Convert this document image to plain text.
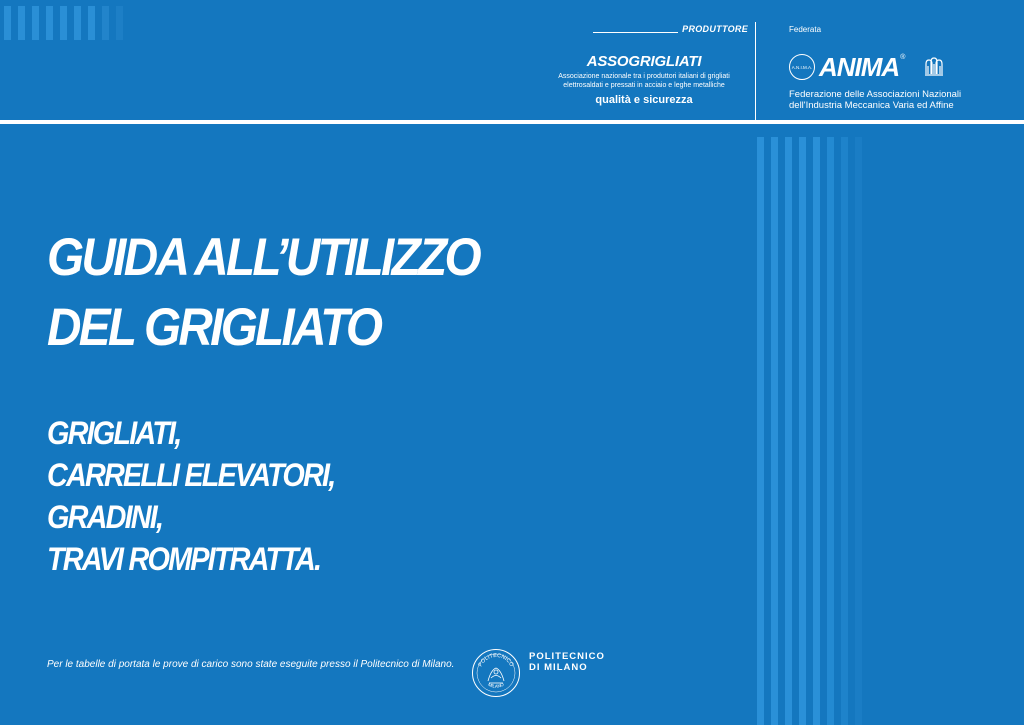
PRODUTTORE
ASSOGRIGLIATI
Associazione nazionale tra i produttori italiani di grigliati
elettrosaldati e pressati in acciaio e leghe metalliche
qualità e sicurezza
Federata
A.N.I.M.A. ANIMA ®
Federazione delle Associazioni Nazionali
dell'Industria Meccanica Varia ed Affine
GUIDA ALL’UTILIZZO
DEL GRIGLIATO
GRIGLIATI,
CARRELLI ELEVATORI,
GRADINI,
TRAVI ROMPITRATTA.
Per le tabelle di portata le prove di carico sono state eseguite presso il Politecnico di Milano.	POLITECNICO
MILANO
POLITECNICO
DI MILANO
